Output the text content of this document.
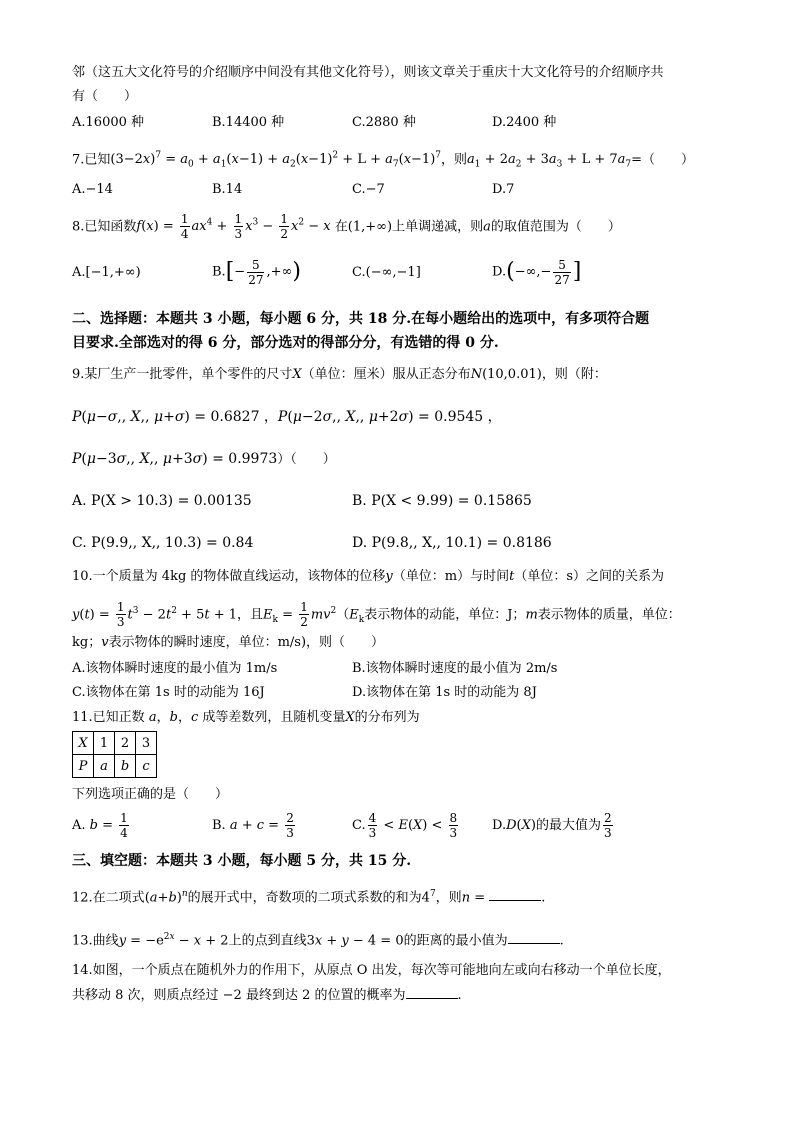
邻（这五大文化符号的介绍顺序中间没有其他文化符号），则该文章关于重庆十大文化符号的介绍顺序共
有（　　）
A.16000 种	B.14400 种	C.2880 种	D.2400 种
7.已知$(3-2x)^7 = a_0 + a_1(x-1) + a_2(x-1)^2 + L + a_7(x-1)^7$，则$a_1 + 2a_2 + 3a_3 + L + 7a_7=$（　　）
A.−14	B.14	C.−7	D.7
8.已知函数$f(x) = \frac{1}{4} ax^4 + \frac{1}{3} x^3 - \frac{1}{2} x^2 - x$ 在(1,+∞)上单调递减，则a的取值范围为（　　）
A.[−1,+∞)	$B.[- \frac{5}{27}$ ,+∞)	C.(−∞,−1]	$D.(-\infty,- \frac{5}{27}$ ]
二、选择题：本题共 3 小题，每小题 6 分，共 18 分.在每小题给出的选项中，有多项符合题
目要求.全部选对的得 6 分，部分选对的得部分分，有选错的得 0 分.
9.某厂生产一批零件，单个零件的尺寸X（单位：厘米）服从正态分布N(10,0.01)，则（附：
P(μ−σ,, X,, μ+σ) = 0.6827 ，P(μ−2σ,, X,, μ+2σ) = 0.9545 ，
P(μ−3σ,, X,, μ+3σ) = 0.9973）（　　）
A. P(X > 10.3) = 0.00135	B. P(X < 9.99) = 0.15865
C. P(9.9,, X,, 10.3) = 0.84	D. P(9.8,, X,, 10.1) = 0.8186
10.一个质量为 4kg 的物体做直线运动，该物体的位移y（单位：m）与时间t（单位：s）之间的关系为
$y(t) = \frac{1}{3} t^3 - 2t^2 + 5t + 1$，且$E_k = \frac{1}{2} mv^2(E_k$表示物体的动能，单位：J；m表示物体的质量，单位：
kg；v表示物体的瞬时速度，单位：m/s)，则（　　）
A.该物体瞬时速度的最小值为 1m/s	B.该物体瞬时速度的最小值为 2m/s
C.该物体在第 1s 时的动能为 16J	D.该物体在第 1s 时的动能为 8J
11.已知正数 a，b，c 成等差数列，且随机变量X的分布列为
X	1	2	3
P	a	b	c
下列选项正确的是（　　）
A. $b = \frac{1}{4}$	B. $a + c = \frac{2}{3}$	C. $\frac{4}{3} < E(X) < \frac{8}{3}$	D.D(X)的最大值为 $\frac{2}{3}$
三、填空题：本题共 3 小题，每小题 5 分，共 15 分.
12.在二项式$(a+b)^n$的展开式中，奇数项的二项式系数的和为$4^7$，则n =	.
13.曲线$y = -e^{2x} - x + 2$上的点到直线3x + y − 4 = 0的距离的最小值为	.
14.如图，一个质点在随机外力的作用下，从原点 O 出发，每次等可能地向左或向右移动一个单位长度，
共移动 8 次，则质点经过 −2 最终到达 2 的位置的概率为	.
